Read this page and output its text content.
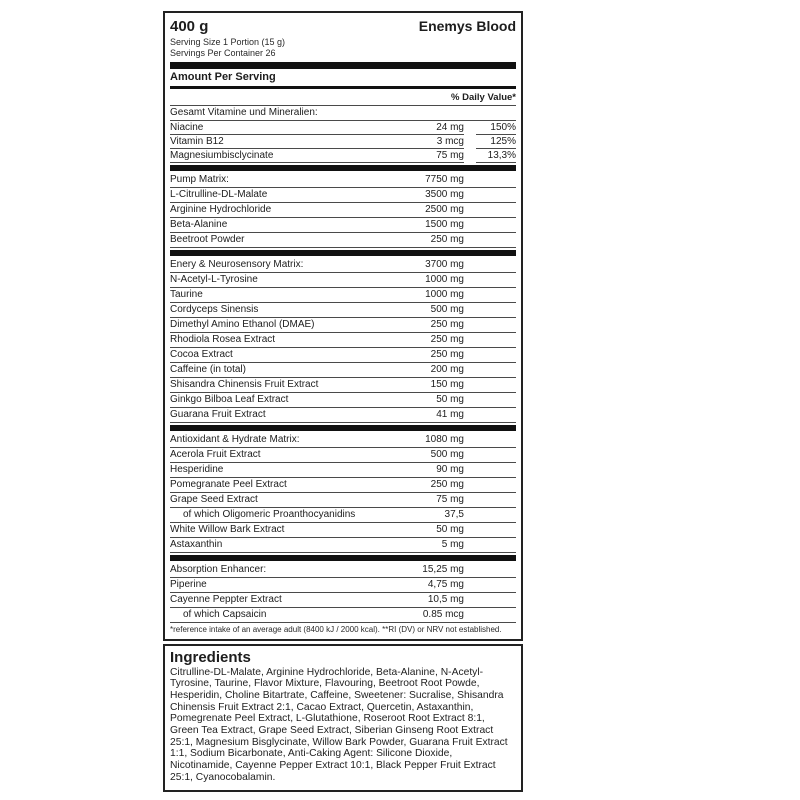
400 g	Enemys Blood
Serving Size 1 Portion (15 g)
Servings Per Container 26
Amount Per Serving
% Daily Value*
Gesamt Vitamine und Mineralien:
Niacine	24 mg	150%
Vitamin B12	3 mcg	125%
Magnesiumbisclycinate	75 mg	13,3%
Pump Matrix:	7750 mg
L-Citrulline-DL-Malate	3500 mg
Arginine Hydrochloride	2500 mg
Beta-Alanine	1500 mg
Beetroot Powder	250 mg
Enery & Neurosensory Matrix:	3700 mg
N-Acetyl-L-Tyrosine	1000 mg
Taurine	1000 mg
Cordyceps Sinensis	500 mg
Dimethyl Amino Ethanol (DMAE)	250 mg
Rhodiola Rosea Extract	250 mg
Cocoa Extract	250 mg
Caffeine (in total)	200 mg
Shisandra Chinensis Fruit Extract	150 mg
Ginkgo Bilboa Leaf Extract	50 mg
Guarana Fruit Extract	41 mg
Antioxidant & Hydrate Matrix:	1080 mg
Acerola Fruit Extract	500 mg
Hesperidine	90 mg
Pomegranate Peel Extract	250 mg
Grape Seed Extract	75 mg
of which Oligomeric Proanthocyanidins	37,5
White Willow Bark Extract	50 mg
Astaxanthin	5 mg
Absorption Enhancer:	15,25 mg
Piperine	4,75 mg
Cayenne Peppter Extract	10,5 mg
of which Capsaicin	0.85 mcg
*reference intake of an average adult (8400 kJ / 2000 kcal). **RI (DV) or NRV not established.
Ingredients
Citrulline-DL-Malate, Arginine Hydrochloride, Beta-Alanine, N-Acetyl-Tyrosine, Taurine, Flavor Mixture, Flavouring, Beetroot Root Powde, Hesperidin, Choline Bitartrate, Caffeine, Sweetener: Sucralise, Shisandra Chinensis Fruit Extract 2:1, Cacao Extract, Quercetin, Astaxanthin, Pomegrenate Peel Extract, L-Glutathione, Roseroot Root Extract 8:1, Green Tea Extract, Grape Seed Extract, Siberian Ginseng Root Extract 25:1, Magnesium Bisglycinate, Willow Bark Powder, Guarana Fruit Extract 1:1, Sodium Bicarbonate, Anti-Caking Agent: Silicone Dioxide, Nicotinamide, Cayenne Pepper Extract 10:1, Black Pepper Fruit Extract 25:1, Cyanocobalamin.
